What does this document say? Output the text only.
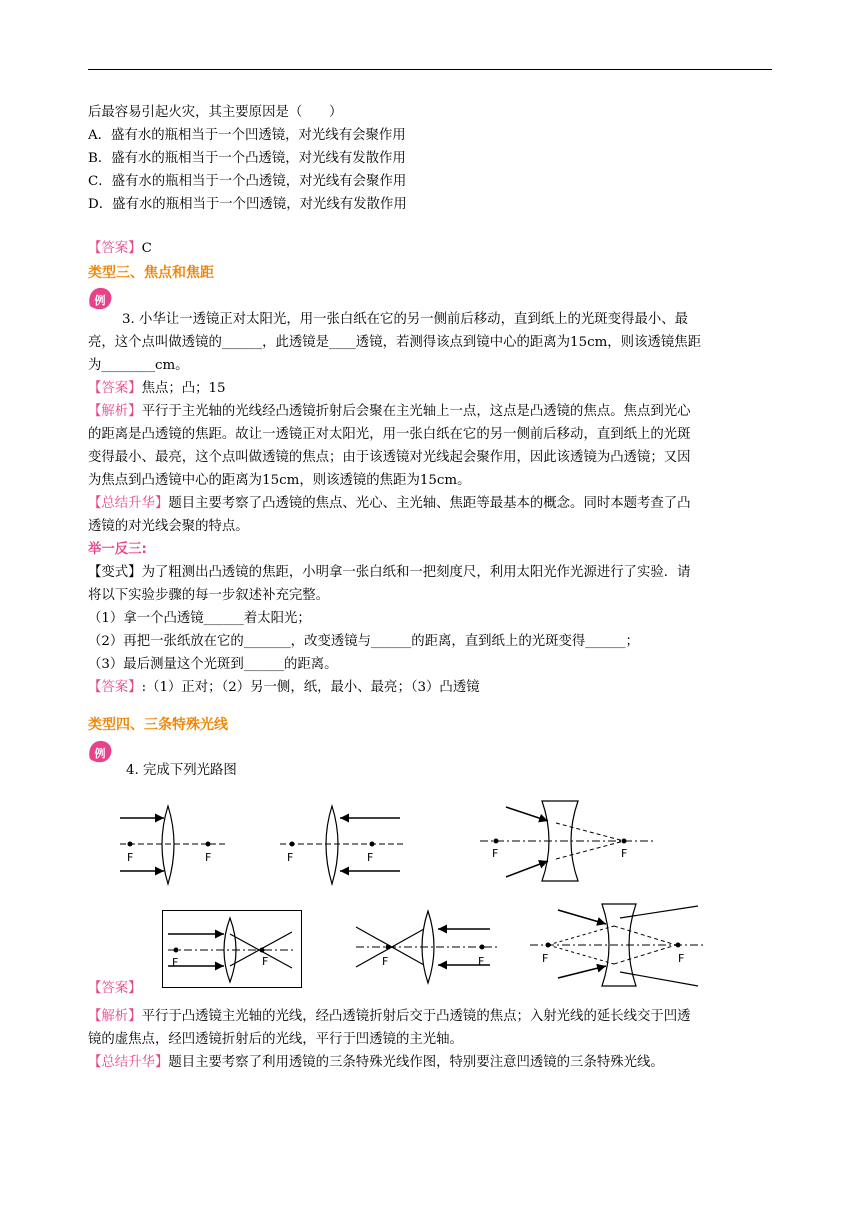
后最容易引起火灾，其主要原因是（　　）
A．盛有水的瓶相当于一个凹透镜，对光线有会聚作用
B．盛有水的瓶相当于一个凸透镜，对光线有发散作用
C．盛有水的瓶相当于一个凸透镜，对光线有会聚作用
D．盛有水的瓶相当于一个凹透镜，对光线有发散作用
【答案】C
类型三、焦点和焦距
例
3. 小华让一透镜正对太阳光，用一张白纸在它的另一侧前后移动，直到纸上的光斑变得最小、最
亮，这个点叫做透镜的______，此透镜是____透镜，若测得该点到镜中心的距离为15cm，则该透镜焦距
为________cm。
【答案】焦点；凸；15
【解析】平行于主光轴的光线经凸透镜折射后会聚在主光轴上一点，这点是凸透镜的焦点。焦点到光心
的距离是凸透镜的焦距。故让一透镜正对太阳光，用一张白纸在它的另一侧前后移动，直到纸上的光斑
变得最小、最亮，这个点叫做透镜的焦点；由于该透镜对光线起会聚作用，因此该透镜为凸透镜；又因
为焦点到凸透镜中心的距离为15cm，则该透镜的焦距为15cm。
【总结升华】题目主要考察了凸透镜的焦点、光心、主光轴、焦距等最基本的概念。同时本题考查了凸
透镜的对光线会聚的特点。
举一反三:
【变式】为了粗测出凸透镜的焦距，小明拿一张白纸和一把刻度尺，利用太阳光作光源进行了实验．请
将以下实验步骤的每一步叙述补充完整。
（1）拿一个凸透镜______着太阳光；
（2）再把一张纸放在它的_______，改变透镜与______的距离，直到纸上的光斑变得______；
（3）最后测量这个光斑到______的距离。
【答案】:（1）正对；（2）另一侧，纸，最小、最亮；（3）凸透镜
类型四、三条特殊光线
例
4. 完成下列光路图
F	F	F	F	F	F
F	F	F	F	F	F
【答案】
【解析】平行于凸透镜主光轴的光线，经凸透镜折射后交于凸透镜的焦点；入射光线的延长线交于凹透
镜的虚焦点，经凹透镜折射后的光线，平行于凹透镜的主光轴。
【总结升华】题目主要考察了利用透镜的三条特殊光线作图，特别要注意凹透镜的三条特殊光线。
